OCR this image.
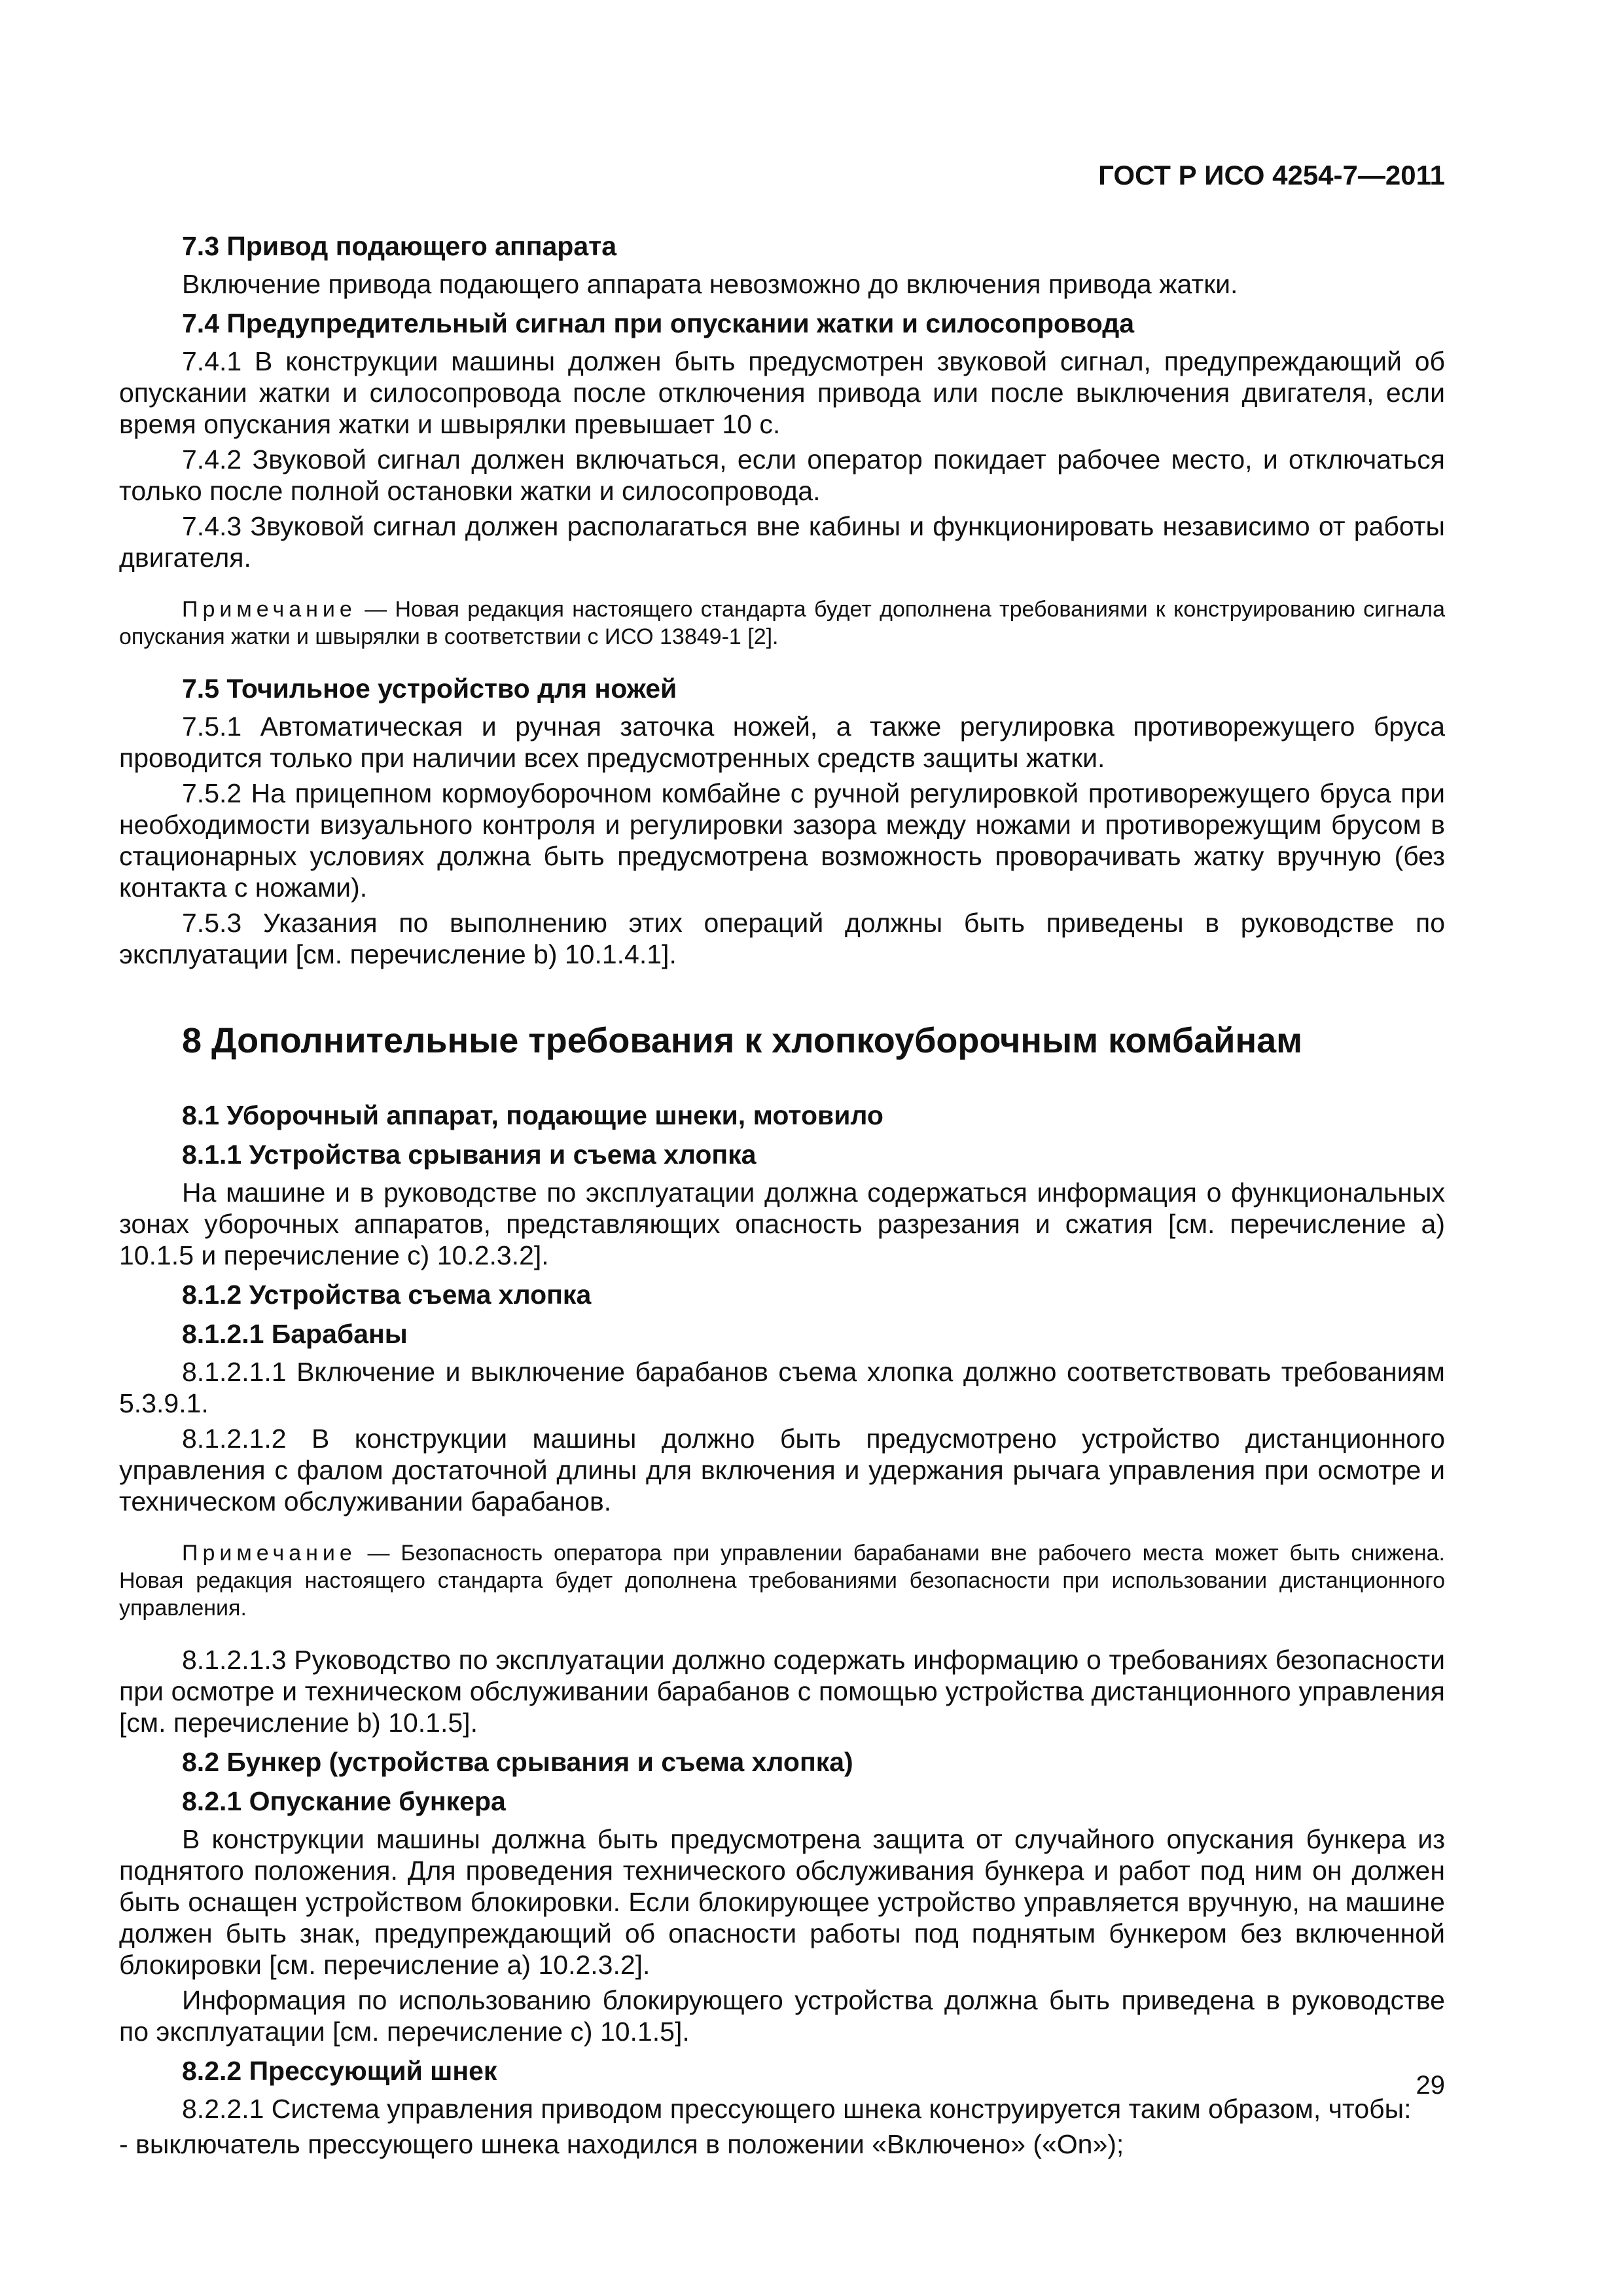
ГОСТ Р ИСО 4254-7—2011
7.3 Привод подающего аппарата
Включение привода подающего аппарата невозможно до включения привода жатки.
7.4 Предупредительный сигнал при опускании жатки и силосопровода
7.4.1 В конструкции машины должен быть предусмотрен звуковой сигнал, предупреждающий об опускании жатки и силосопровода после отключения привода или после выключения двигателя, если время опускания жатки и швырялки превышает 10 с.
7.4.2 Звуковой сигнал должен включаться, если оператор покидает рабочее место, и отключаться только после полной остановки жатки и силосопровода.
7.4.3 Звуковой сигнал должен располагаться вне кабины и функционировать независимо от работы двигателя.
Примечание — Новая редакция настоящего стандарта будет дополнена требованиями к конструированию сигнала опускания жатки и швырялки в соответствии с ИСО 13849-1 [2].
7.5 Точильное устройство для ножей
7.5.1 Автоматическая и ручная заточка ножей, а также регулировка противорежущего бруса проводится только при наличии всех предусмотренных средств защиты жатки.
7.5.2 На прицепном кормоуборочном комбайне с ручной регулировкой противорежущего бруса при необходимости визуального контроля и регулировки зазора между ножами и противорежущим брусом в стационарных условиях должна быть предусмотрена возможность проворачивать жатку вручную (без контакта с ножами).
7.5.3 Указания по выполнению этих операций должны быть приведены в руководстве по эксплуатации [см. перечисление b) 10.1.4.1].
8 Дополнительные требования к хлопкоуборочным комбайнам
8.1 Уборочный аппарат, подающие шнеки, мотовило
8.1.1 Устройства срывания и съема хлопка
На машине и в руководстве по эксплуатации должна содержаться информация о функциональных зонах уборочных аппаратов, представляющих опасность разрезания и сжатия [см. перечисление а) 10.1.5 и перечисление с) 10.2.3.2].
8.1.2 Устройства съема хлопка
8.1.2.1 Барабаны
8.1.2.1.1 Включение и выключение барабанов съема хлопка должно соответствовать требованиям 5.3.9.1.
8.1.2.1.2 В конструкции машины должно быть предусмотрено устройство дистанционного управления с фалом достаточной длины для включения и удержания рычага управления при осмотре и техническом обслуживании барабанов.
Примечание — Безопасность оператора при управлении барабанами вне рабочего места может быть снижена. Новая редакция настоящего стандарта будет дополнена требованиями безопасности при использовании дистанционного управления.
8.1.2.1.3 Руководство по эксплуатации должно содержать информацию о требованиях безопасности при осмотре и техническом обслуживании барабанов с помощью устройства дистанционного управления [см. перечисление b) 10.1.5].
8.2 Бункер (устройства срывания и съема хлопка)
8.2.1 Опускание бункера
В конструкции машины должна быть предусмотрена защита от случайного опускания бункера из поднятого положения. Для проведения технического обслуживания бункера и работ под ним он должен быть оснащен устройством блокировки. Если блокирующее устройство управляется вручную, на машине должен быть знак, предупреждающий об опасности работы под поднятым бункером без включенной блокировки [см. перечисление а) 10.2.3.2].
Информация по использованию блокирующего устройства должна быть приведена в руководстве по эксплуатации [см. перечисление с) 10.1.5].
8.2.2 Прессующий шнек
8.2.2.1 Система управления приводом прессующего шнека конструируется таким образом, чтобы:
- выключатель прессующего шнека находился в положении «Включено» («On»);
29
